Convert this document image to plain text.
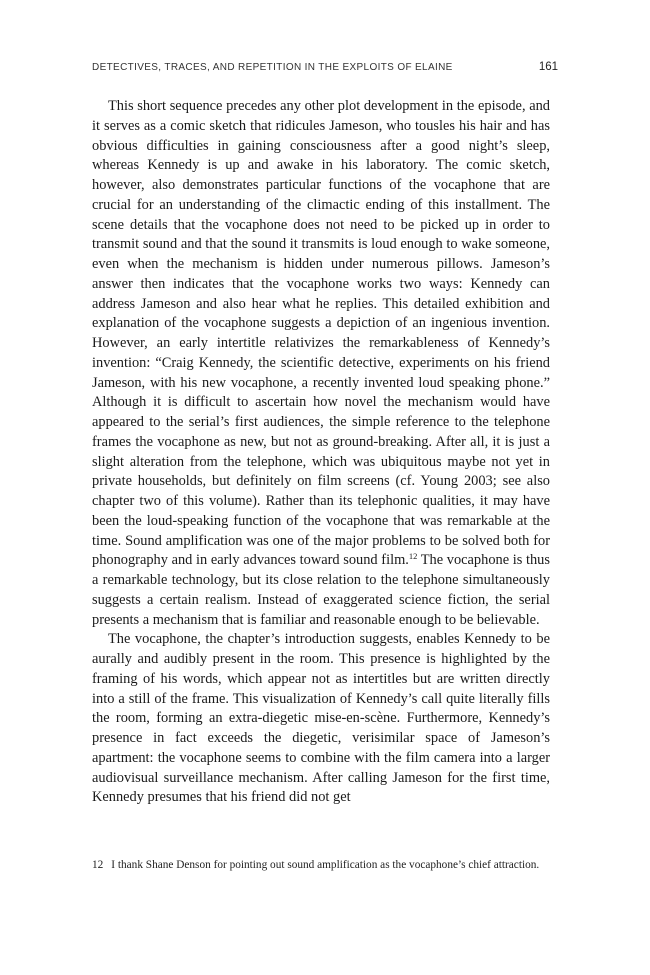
DETECTIVES, TRACES, AND REPETITION IN THE EXPLOITS OF ELAINE	161

This short sequence precedes any other plot development in the episode, and it serves as a comic sketch that ridicules Jameson, who tousles his hair and has obvious difficulties in gaining consciousness after a good night’s sleep, whereas Kennedy is up and awake in his laboratory. The comic sketch, however, also demonstrates particular functions of the vocaphone that are crucial for an understanding of the climactic ending of this installment. The scene details that the vocaphone does not need to be picked up in order to transmit sound and that the sound it transmits is loud enough to wake someone, even when the mechanism is hidden under numerous pillows. Jameson’s answer then indicates that the vocaphone works two ways: Kennedy can address Jameson and also hear what he replies. This detailed exhibition and explanation of the vocaphone suggests a depiction of an ingenious invention. However, an early intertitle relativizes the remarkableness of Kennedy’s invention: “Craig Kennedy, the scientific detective, experiments on his friend Jameson, with his new vocaphone, a recently invented loud speaking phone.” Although it is difficult to ascertain how novel the mechanism would have appeared to the serial’s first audiences, the simple reference to the telephone frames the vocaphone as new, but not as ground-breaking. After all, it is just a slight alteration from the telephone, which was ubiquitous maybe not yet in private households, but definitely on film screens (cf. Young 2003; see also chapter two of this volume). Rather than its telephonic qualities, it may have been the loud-speaking function of the vocaphone that was remarkable at the time. Sound amplification was one of the major problems to be solved both for phonography and in early advances toward sound film.$^{12}$ The vocaphone is thus a remarkable technology, but its close relation to the telephone simultaneously suggests a certain realism. Instead of exaggerated science fiction, the serial presents a mechanism that is familiar and reasonable enough to be believable.

The vocaphone, the chapter’s introduction suggests, enables Kennedy to be aurally and audibly present in the room. This presence is highlighted by the framing of his words, which appear not as intertitles but are written directly into a still of the frame. This visualization of Kennedy’s call quite literally fills the room, forming an extra-diegetic mise-en-scène. Furthermore, Kennedy’s presence in fact exceeds the diegetic, verisimilar space of Jameson’s apartment: the vocaphone seems to combine with the film camera into a larger audiovisual surveillance mechanism. After calling Jameson for the first time, Kennedy presumes that his friend did not get

12 I thank Shane Denson for pointing out sound amplification as the vocaphone’s chief attraction.
